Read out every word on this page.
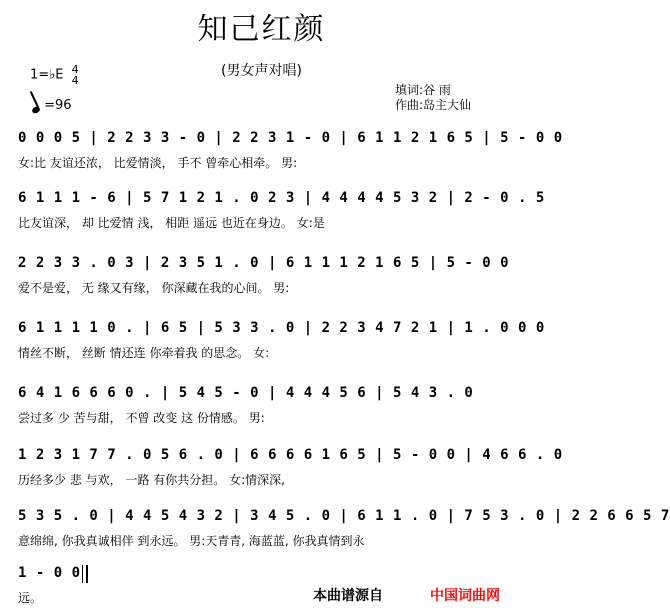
知己红颜
(男女声对唱)
填词:谷 雨
作曲:岛主大仙
1=♭E 4
4
=96
0 0 0 5 | 2 2 3 3 - 0 | 2 2 3 1 - 0 | 6 1 1 2 1 6 5 | 5 - 0 0
女:比 友谊还浓， 比爱情淡， 手不 曾牵心相牵。 男:
6 1 1 1 - 6 | 5 7 1 2 1 . 0 2 3 | 4 4 4 4 5 3 2 | 2 - 0 . 5
比友谊深， 却 比爱情 浅， 相距 遥远 也近在身边。 女:是
2 2 3 3 . 0 3 | 2 3 5 1 . 0 | 6 1 1 1 2 1 6 5 | 5 - 0 0
爱不是爱， 无 缘又有缘， 你深藏在我的心间。 男:
6 1 1 1 1 0 . | 6 5 | 5 3 3 . 0 | 2 2 3 4 7 2 1 | 1 . 0 0 0
情丝不断， 丝断 情还连 你牵着我 的思念。 女:
6 4 1 6 6 6 0 . | 5 4 5 - 0 | 4 4 4 5 6 | 5 4 3 . 0
尝过多 少 苦与甜， 不曾 改变 这 份情感。 男:
1 2 3 1 7 7 . 0 5 6 . 0 | 6 6 6 6 1 6 5 | 5 - 0 0 | 4 6 6 . 0
历经多少 悲 与欢， 一路 有你共分担。 女:情深深,
5 3 5 . 0 | 4 4 5 4 3 2 | 3 4 5 . 0 | 6 1 1 . 0 | 7 5 3 . 0 | 2 2 6 6 5 7
意绵绵, 你我真诚相伴 到永远。 男:天青青, 海蓝蓝, 你我真情到永
1 - 0 0
远。	本曲谱源自	中国词曲网
